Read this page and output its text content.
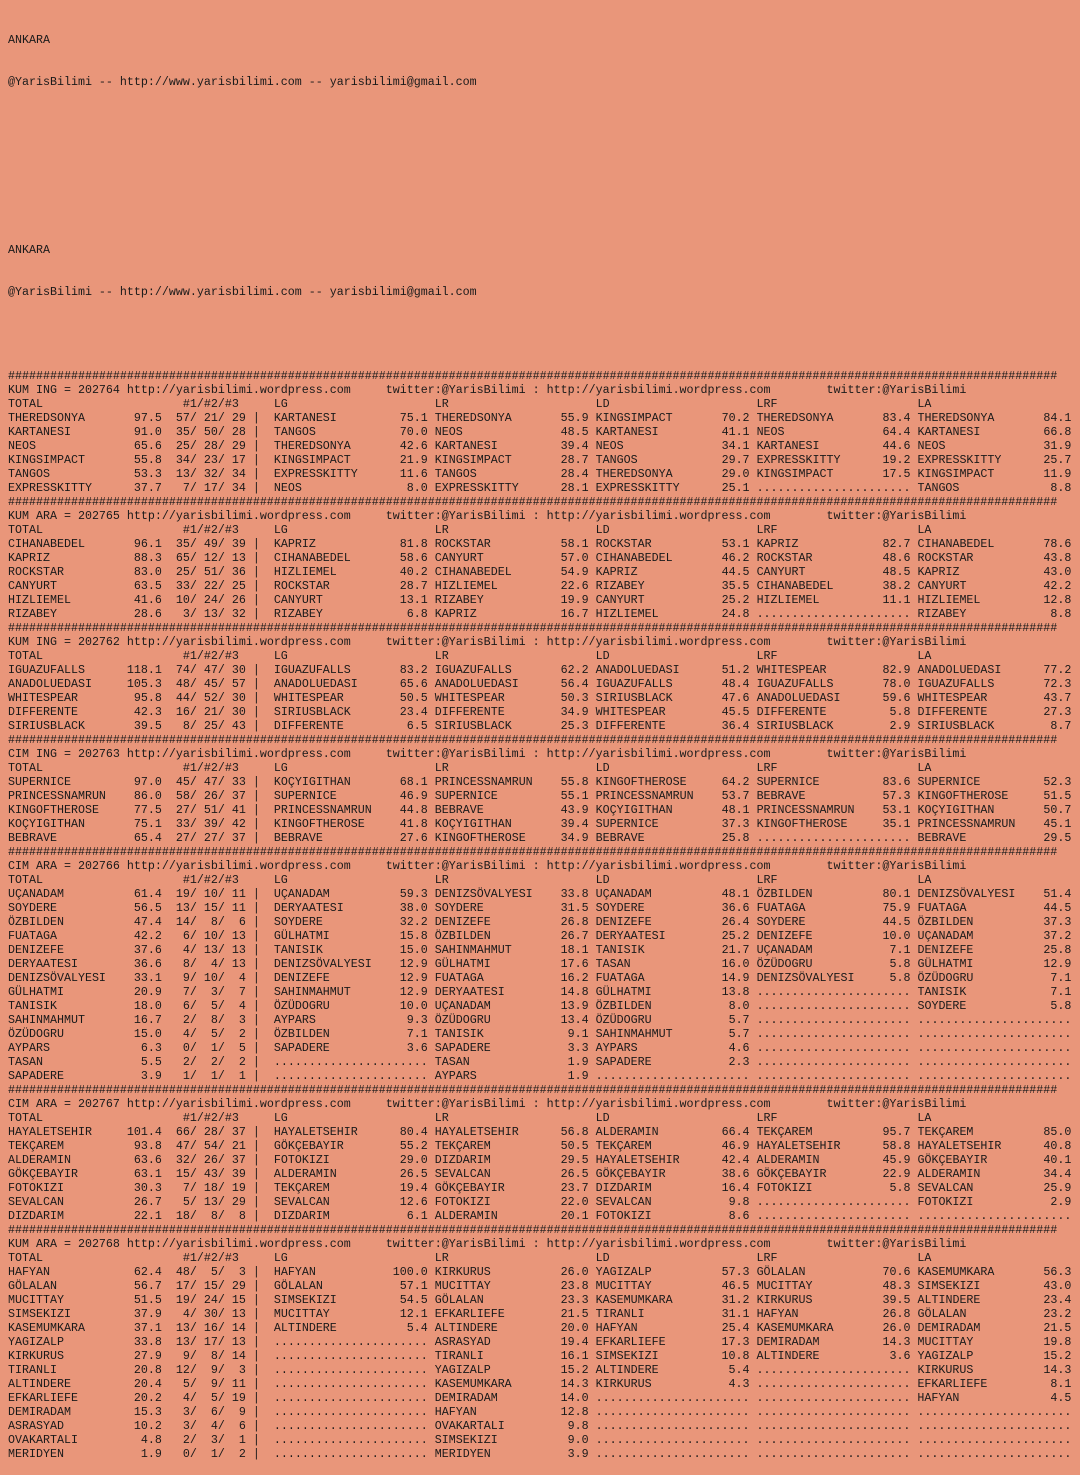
ANKARA

@YarisBilimi -- http://www.yarisbilimi.com -- yarisbilimi@gmail.com

ANKARA

@YarisBilimi -- http://www.yarisbilimi.com -- yarisbilimi@gmail.com

######################################################################################################################################################
KUM ING = 202764 http://yarisbilimi.wordpress.com	twitter:@YarisBilimi : http://yarisbilimi.wordpress.com	twitter:@YarisBilimi
TOTAL                    #1/#2/#3     LG                     LR                     LD                     LRF                    LA
THEREDSONYA       97.5  57/ 21/ 29 |  KARTANESI         75.1 THEREDSONYA       55.9 KINGSIMPACT       70.2 THEREDSONYA       83.4 THEREDSONYA       84.1
KARTANESI         91.0  35/ 50/ 28 |  TANGOS            70.0 NEOS              48.5 KARTANESI         41.1 NEOS              64.4 KARTANESI         66.8
NEOS              65.6  25/ 28/ 29 |  THEREDSONYA       42.6 KARTANESI         39.4 NEOS              34.1 KARTANESI         44.6 NEOS              31.9
KINGSIMPACT       55.8  34/ 23/ 17 |  KINGSIMPACT       21.9 KINGSIMPACT       28.7 TANGOS            29.7 EXPRESSKITTY      19.2 EXPRESSKITTY      25.7
TANGOS            53.3  13/ 32/ 34 |  EXPRESSKITTY      11.6 TANGOS            28.4 THEREDSONYA       29.0 KINGSIMPACT       17.5 KINGSIMPACT       11.9
EXPRESSKITTY      37.7   7/ 17/ 34 |  NEOS               8.0 EXPRESSKITTY      28.1 EXPRESSKITTY      25.1 ...................... TANGOS             8.8
######################################################################################################################################################
KUM ARA = 202765 http://yarisbilimi.wordpress.com	twitter:@YarisBilimi : http://yarisbilimi.wordpress.com	twitter:@YarisBilimi
TOTAL                    #1/#2/#3     LG                     LR                     LD                     LRF                    LA
CIHANABEDEL       96.1  35/ 49/ 39 |  KAPRIZ            81.8 ROCKSTAR          58.1 ROCKSTAR          53.1 KAPRIZ            82.7 CIHANABEDEL       78.6
KAPRIZ            88.3  65/ 12/ 13 |  CIHANABEDEL       58.6 CANYURT           57.0 CIHANABEDEL       46.2 ROCKSTAR          48.6 ROCKSTAR          43.8
ROCKSTAR          83.0  25/ 51/ 36 |  HIZLIEMEL         40.2 CIHANABEDEL       54.9 KAPRIZ            44.5 CANYURT           48.5 KAPRIZ            43.0
CANYURT           63.5  33/ 22/ 25 |  ROCKSTAR          28.7 HIZLIEMEL         22.6 RIZABEY           35.5 CIHANABEDEL       38.2 CANYURT           42.2
HIZLIEMEL         41.6  10/ 24/ 26 |  CANYURT           13.1 RIZABEY           19.9 CANYURT           25.2 HIZLIEMEL         11.1 HIZLIEMEL         12.8
RIZABEY           28.6   3/ 13/ 32 |  RIZABEY            6.8 KAPRIZ            16.7 HIZLIEMEL         24.8 ...................... RIZABEY            8.8
######################################################################################################################################################
KUM ING = 202762 http://yarisbilimi.wordpress.com	twitter:@YarisBilimi : http://yarisbilimi.wordpress.com	twitter:@YarisBilimi
TOTAL                    #1/#2/#3     LG                     LR                     LD                     LRF                    LA
IGUAZUFALLS      118.1  74/ 47/ 30 |  IGUAZUFALLS       83.2 IGUAZUFALLS       62.2 ANADOLUEDASI      51.2 WHITESPEAR        82.9 ANADOLUEDASI      77.2
ANADOLUEDASI     105.3  48/ 45/ 57 |  ANADOLUEDASI      65.6 ANADOLUEDASI      56.4 IGUAZUFALLS       48.4 IGUAZUFALLS       78.0 IGUAZUFALLS       72.3
WHITESPEAR        95.8  44/ 52/ 30 |  WHITESPEAR        50.5 WHITESPEAR        50.3 SIRIUSBLACK       47.6 ANADOLUEDASI      59.6 WHITESPEAR        43.7
DIFFERENTE        42.3  16/ 21/ 30 |  SIRIUSBLACK       23.4 DIFFERENTE        34.9 WHITESPEAR        45.5 DIFFERENTE         5.8 DIFFERENTE        27.3
SIRIUSBLACK       39.5   8/ 25/ 43 |  DIFFERENTE         6.5 SIRIUSBLACK       25.3 DIFFERENTE        36.4 SIRIUSBLACK        2.9 SIRIUSBLACK        8.7
######################################################################################################################################################
CIM ING = 202763 http://yarisbilimi.wordpress.com	twitter:@YarisBilimi : http://yarisbilimi.wordpress.com	twitter:@YarisBilimi
TOTAL                    #1/#2/#3     LG                     LR                     LD                     LRF                    LA
SUPERNICE         97.0  45/ 47/ 33 |  KOÇYIGITHAN       68.1 PRINCESSNAMRUN    55.8 KINGOFTHEROSE     64.2 SUPERNICE         83.6 SUPERNICE         52.3
PRINCESSNAMRUN    86.0  58/ 26/ 37 |  SUPERNICE         46.9 SUPERNICE         55.1 PRINCESSNAMRUN    53.7 BEBRAVE           57.3 KINGOFTHEROSE     51.5
KINGOFTHEROSE     77.5  27/ 51/ 41 |  PRINCESSNAMRUN    44.8 BEBRAVE           43.9 KOÇYIGITHAN       48.1 PRINCESSNAMRUN    53.1 KOÇYIGITHAN       50.7
KOÇYIGITHAN       75.1  33/ 39/ 42 |  KINGOFTHEROSE     41.8 KOÇYIGITHAN       39.4 SUPERNICE         37.3 KINGOFTHEROSE     35.1 PRINCESSNAMRUN    45.1
BEBRAVE           65.4  27/ 27/ 37 |  BEBRAVE           27.6 KINGOFTHEROSE     34.9 BEBRAVE           25.8 ...................... BEBRAVE           29.5
######################################################################################################################################################
CIM ARA = 202766 http://yarisbilimi.wordpress.com	twitter:@YarisBilimi : http://yarisbilimi.wordpress.com	twitter:@YarisBilimi
TOTAL                    #1/#2/#3     LG                     LR                     LD                     LRF                    LA
UÇANADAM          61.4  19/ 10/ 11 |  UÇANADAM          59.3 DENIZSÖVALYESI    33.8 UÇANADAM          48.1 ÖZBILDEN          80.1 DENIZSÖVALYESI    51.4
SOYDERE           56.5  13/ 15/ 11 |  DERYAATESI        38.0 SOYDERE           31.5 SOYDERE           36.6 FUATAGA           75.9 FUATAGA           44.5
ÖZBILDEN          47.4  14/  8/  6 |  SOYDERE           32.2 DENIZEFE          26.8 DENIZEFE          26.4 SOYDERE           44.5 ÖZBILDEN          37.3
FUATAGA           42.2   6/ 10/ 13 |  GÜLHATMI          15.8 ÖZBILDEN          26.7 DERYAATESI        25.2 DENIZEFE          10.0 UÇANADAM          37.2
DENIZEFE          37.6   4/ 13/ 13 |  TANISIK           15.0 SAHINMAHMUT       18.1 TANISIK           21.7 UÇANADAM           7.1 DENIZEFE          25.8
DERYAATESI        36.6   8/  4/ 13 |  DENIZSÖVALYESI    12.9 GÜLHATMI          17.6 TASAN             16.0 ÖZÜDOGRU           5.8 GÜLHATMI          12.9
DENIZSÖVALYESI    33.1   9/ 10/  4 |  DENIZEFE          12.9 FUATAGA           16.2 FUATAGA           14.9 DENIZSÖVALYESI     5.8 ÖZÜDOGRU           7.1
GÜLHATMI          20.9   7/  3/  7 |  SAHINMAHMUT       12.9 DERYAATESI        14.8 GÜLHATMI          13.8 ...................... TANISIK            7.1
TANISIK           18.0   6/  5/  4 |  ÖZÜDOGRU          10.0 UÇANADAM          13.9 ÖZBILDEN           8.0 ...................... SOYDERE            5.8
SAHINMAHMUT       16.7   2/  8/  3 |  AYPARS             9.3 ÖZÜDOGRU          13.4 ÖZÜDOGRU           5.7 ...................... ......................
ÖZÜDOGRU          15.0   4/  5/  2 |  ÖZBILDEN           7.1 TANISIK            9.1 SAHINMAHMUT        5.7 ...................... ......................
AYPARS             6.3   0/  1/  5 |  SAPADERE           3.6 SAPADERE           3.3 AYPARS             4.6 ...................... ......................
TASAN              5.5   2/  2/  2 |  ...................... TASAN              1.9 SAPADERE           2.3 ...................... ......................
SAPADERE           3.9   1/  1/  1 |  ...................... AYPARS             1.9 ...................... ...................... ......................
######################################################################################################################################################
CIM ARA = 202767 http://yarisbilimi.wordpress.com	twitter:@YarisBilimi : http://yarisbilimi.wordpress.com	twitter:@YarisBilimi
TOTAL                    #1/#2/#3     LG                     LR                     LD                     LRF                    LA
HAYALETSEHIR     101.4  66/ 28/ 37 |  HAYALETSEHIR      80.4 HAYALETSEHIR      56.8 ALDERAMIN         66.4 TEKÇAREM          95.7 TEKÇAREM          85.0
TEKÇAREM          93.8  47/ 54/ 21 |  GÖKÇEBAYIR        55.2 TEKÇAREM          50.5 TEKÇAREM          46.9 HAYALETSEHIR      58.8 HAYALETSEHIR      40.8
ALDERAMIN         63.6  32/ 26/ 37 |  FOTOKIZI          29.0 DIZDARIM          29.5 HAYALETSEHIR      42.4 ALDERAMIN         45.9 GÖKÇEBAYIR        40.1
GÖKÇEBAYIR        63.1  15/ 43/ 39 |  ALDERAMIN         26.5 SEVALCAN          26.5 GÖKÇEBAYIR        38.6 GÖKÇEBAYIR        22.9 ALDERAMIN         34.4
FOTOKIZI          30.3   7/ 18/ 19 |  TEKÇAREM          19.4 GÖKÇEBAYIR        23.7 DIZDARIM          16.4 FOTOKIZI           5.8 SEVALCAN          25.9
SEVALCAN          26.7   5/ 13/ 29 |  SEVALCAN          12.6 FOTOKIZI          22.0 SEVALCAN           9.8 ...................... FOTOKIZI           2.9
DIZDARIM          22.1  18/  8/  8 |  DIZDARIM           6.1 ALDERAMIN         20.1 FOTOKIZI           8.6 ...................... ......................
######################################################################################################################################################
KUM ARA = 202768 http://yarisbilimi.wordpress.com	twitter:@YarisBilimi : http://yarisbilimi.wordpress.com	twitter:@YarisBilimi
TOTAL                    #1/#2/#3     LG                     LR                     LD                     LRF                    LA
HAFYAN            62.4  48/  5/  3 |  HAFYAN           100.0 KIRKURUS          26.0 YAGIZALP          57.3 GÖLALAN           70.6 KASEMUMKARA       56.3
GÖLALAN           56.7  17/ 15/ 29 |  GÖLALAN           57.1 MUCITTAY          23.8 MUCITTAY          46.5 MUCITTAY          48.3 SIMSEKIZI         43.0
MUCITTAY          51.5  19/ 24/ 15 |  SIMSEKIZI         54.5 GÖLALAN           23.3 KASEMUMKARA       31.2 KIRKURUS          39.5 ALTINDERE         23.4
SIMSEKIZI         37.9   4/ 30/ 13 |  MUCITTAY          12.1 EFKARLIEFE        21.5 TIRANLI           31.1 HAFYAN            26.8 GÖLALAN           23.2
KASEMUMKARA       37.1  13/ 16/ 14 |  ALTINDERE          5.4 ALTINDERE         20.0 HAFYAN            25.4 KASEMUMKARA       26.0 DEMIRADAM         21.5
YAGIZALP          33.8  13/ 17/ 13 |  ...................... ASRASYAD          19.4 EFKARLIEFE        17.3 DEMIRADAM         14.3 MUCITTAY          19.8
KIRKURUS          27.9   9/  8/ 14 |  ...................... TIRANLI           16.1 SIMSEKIZI         10.8 ALTINDERE          3.6 YAGIZALP          15.2
TIRANLI           20.8  12/  9/  3 |  ...................... YAGIZALP          15.2 ALTINDERE          5.4 ...................... KIRKURUS          14.3
ALTINDERE         20.4   5/  9/ 11 |  ...................... KASEMUMKARA       14.3 KIRKURUS           4.3 ...................... EFKARLIEFE         8.1
EFKARLIEFE        20.2   4/  5/ 19 |  ...................... DEMIRADAM         14.0 ...................... ...................... HAFYAN             4.5
DEMIRADAM         15.3   3/  6/  9 |  ...................... HAFYAN            12.8 ...................... ...................... ......................
ASRASYAD          10.2   3/  4/  6 |  ...................... OVAKARTALI         9.8 ...................... ...................... ......................
OVAKARTALI         4.8   2/  3/  1 |  ...................... SIMSEKIZI          9.0 ...................... ...................... ......................
MERIDYEN           1.9   0/  1/  2 |  ...................... MERIDYEN           3.9 ...................... ...................... ......................
